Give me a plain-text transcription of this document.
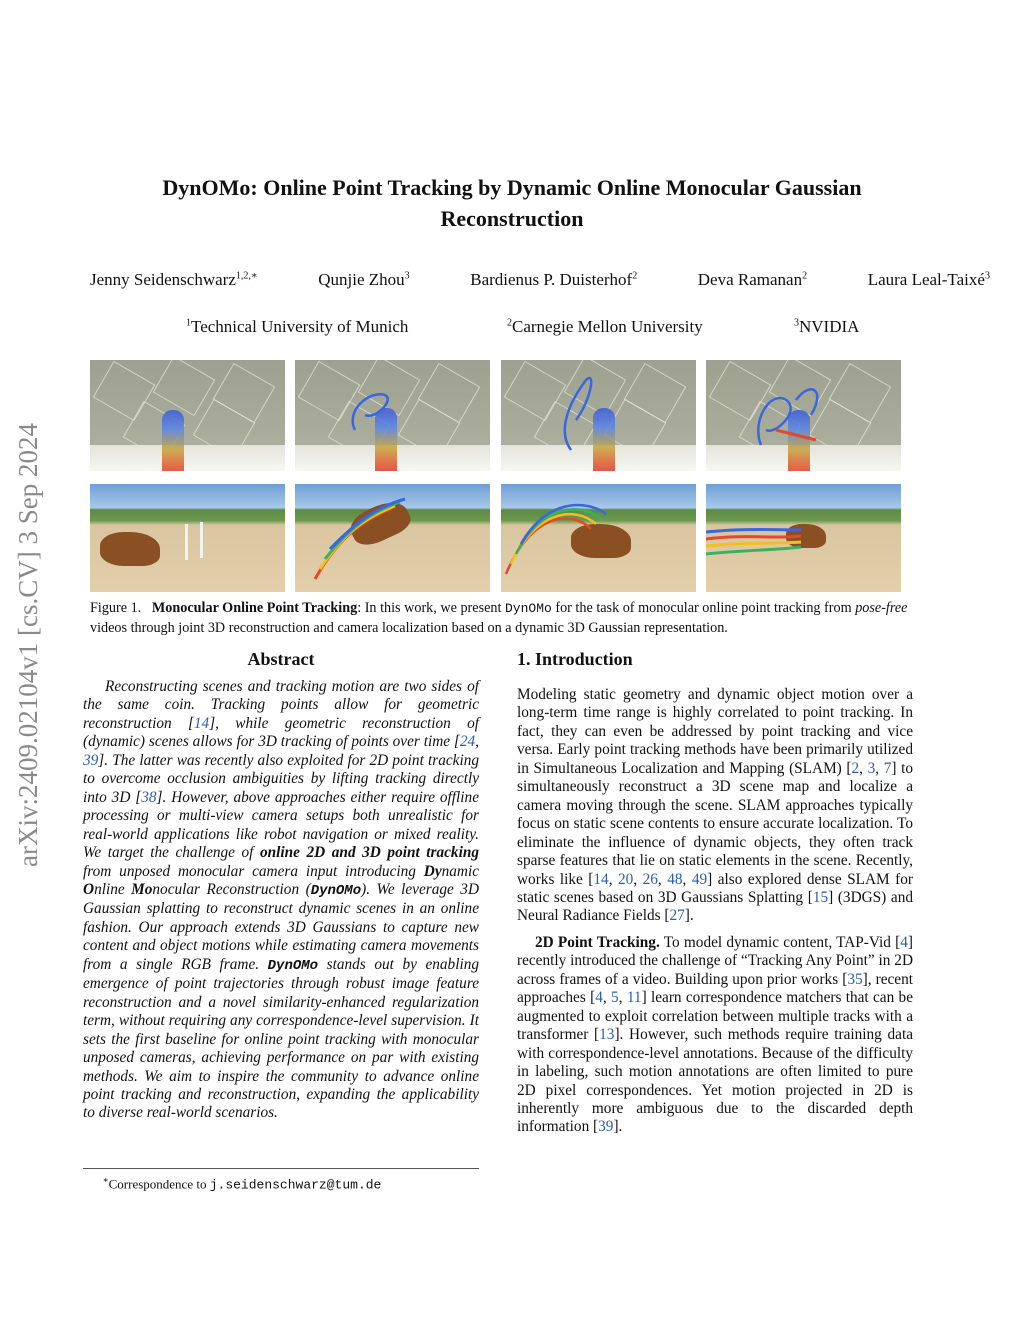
arXiv:2409.02104v1 [cs.CV] 3 Sep 2024
DynOMo: Online Point Tracking by Dynamic Online Monocular Gaussian
Reconstruction
Jenny Seidenschwarz$^{1,2,∗}$	Qunjie Zhou$^3$	Bardienus P. Duisterhof$^2$	Deva Ramanan$^2$	Laura Leal-Taixé$^3$
$^1$Technical University of Munich	$^2$Carnegie Mellon University	$^3$NVIDIA
Figure 1. Monocular Online Point Tracking: In this work, we present DynOMo for the task of monocular online point tracking from pose-free videos through joint 3D reconstruction and camera localization based on a dynamic 3D Gaussian representation.
Abstract

Reconstructing scenes and tracking motion are two sides of the same coin. Tracking points allow for geometric reconstruction [14], while geometric reconstruction of (dynamic) scenes allows for 3D tracking of points over time [24, 39]. The latter was recently also exploited for 2D point tracking to overcome occlusion ambiguities by lifting tracking directly into 3D [38]. However, above approaches either require offline processing or multi-view camera setups both unrealistic for real-world applications like robot navigation or mixed reality. We target the challenge of online 2D and 3D point tracking from unposed monocular camera input introducing Dynamic Online Monocular Reconstruction (DynOMo). We leverage 3D Gaussian splatting to reconstruct dynamic scenes in an online fashion. Our approach extends 3D Gaussians to capture new content and object motions while estimating camera movements from a single RGB frame. DynOMo stands out by enabling emergence of point trajectories through robust image feature reconstruction and a novel similarity-enhanced regularization term, without requiring any correspondence-level supervision. It sets the first baseline for online point tracking with monocular unposed cameras, achieving performance on par with existing methods. We aim to inspire the community to advance online point tracking and reconstruction, expanding the applicability to diverse real-world scenarios.

∗Correspondence to j.seidenschwarz@tum.de
1. Introduction

Modeling static geometry and dynamic object motion over a long-term time range is highly correlated to point tracking. In fact, they can even be addressed by point tracking and vice versa. Early point tracking methods have been primarily utilized in Simultaneous Localization and Mapping (SLAM) [2, 3, 7] to simultaneously reconstruct a 3D scene map and localize a camera moving through the scene. SLAM approaches typically focus on static scene contents to ensure accurate localization. To eliminate the influence of dynamic objects, they often track sparse features that lie on static elements in the scene. Recently, works like [14, 20, 26, 48, 49] also explored dense SLAM for static scenes based on 3D Gaussians Splatting [15] (3DGS) and Neural Radiance Fields [27].

2D Point Tracking. To model dynamic content, TAP-Vid [4] recently introduced the challenge of “Tracking Any Point” in 2D across frames of a video. Building upon prior works [35], recent approaches [4, 5, 11] learn correspondence matchers that can be augmented to exploit correlation between multiple tracks with a transformer [13]. However, such methods require training data with correspondence-level annotations. Because of the difficulty in labeling, such motion annotations are often limited to pure 2D pixel correspondences. Yet motion projected in 2D is inherently more ambiguous due to the discarded depth information [39].
